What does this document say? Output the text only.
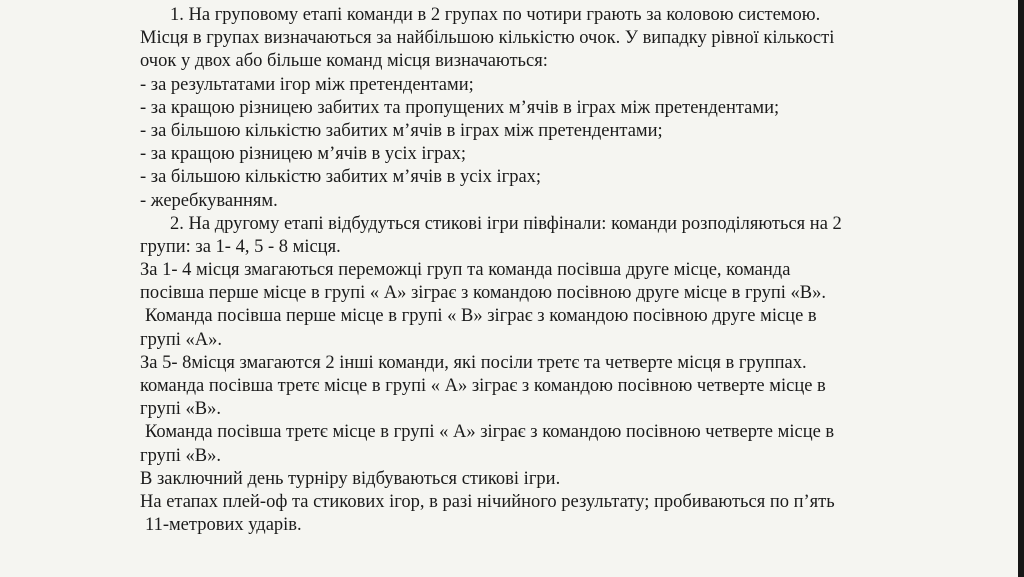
1. На груповому етапі команди в 2 групах по чотири грають за коловою системою.
Місця в групах визначаються за найбільшою кількістю очок. У випадку рівної кількості
очок у двох або більше команд місця визначаються:
- за результатами ігор між претендентами;
- за кращою різницею забитих та пропущених м’ячів в іграх між претендентами;
- за більшою кількістю забитих м’ячів в іграх між претендентами;
- за кращою різницею м’ячів в усіх іграх;
- за більшою кількістю забитих м’ячів в усіх іграх;
- жеребкуванням.
2. На другому етапі відбудуться стикові ігри півфінали: команди розподіляються на 2
групи: за 1- 4, 5 - 8 місця.
За 1- 4 місця змагаються переможці груп та команда посівша друге місце, команда
посівша перше місце в групі « А» зіграє з командою посівною друге місце в групі «В».
Команда посівша перше місце в групі « В» зіграє з командою посівною друге місце в
групі «А».
За 5- 8місця змагаются 2 інші команди, які посіли третє та четверте місця в группах.
команда посівша третє місце в групі « А» зіграє з командою посівною четверте місце в
групі «В».
Команда посівша третє місце в групі « А» зіграє з командою посівною четверте місце в
групі «В».
В заключний день турніру відбуваються стикові ігри.
На етапах плей-оф та стикових ігор, в разі нічийного результату; пробиваються по п’ять
11-метрових ударів.
